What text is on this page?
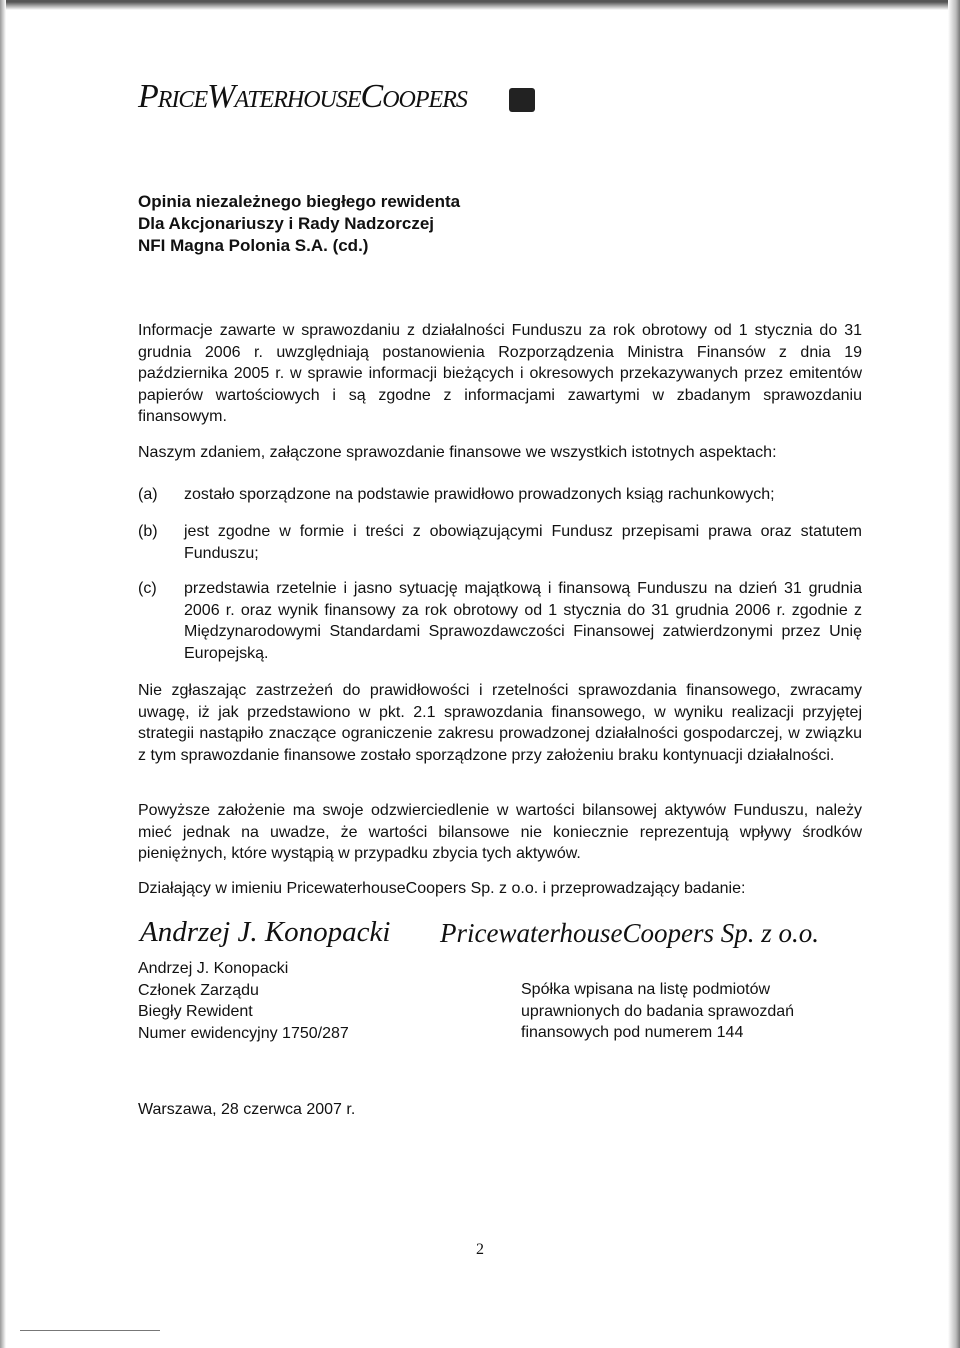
PRICEWATERHOUSECOOPERS
Opinia niezależnego biegłego rewidenta
Dla Akcjonariuszy i Rady Nadzorczej
NFI Magna Polonia S.A. (cd.)
Informacje zawarte w sprawozdaniu z działalności Funduszu za rok obrotowy od 1 stycznia do 31 grudnia 2006 r. uwzględniają postanowienia Rozporządzenia Ministra Finansów z dnia 19 października 2005 r. w sprawie informacji bieżących i okresowych przekazywanych przez emitentów papierów wartościowych i są zgodne z informacjami zawartymi w zbadanym sprawozdaniu finansowym.
Naszym zdaniem, załączone sprawozdanie finansowe we wszystkich istotnych aspektach:
(a) zostało sporządzone na podstawie prawidłowo prowadzonych ksiąg rachunkowych;
(b) jest zgodne w formie i treści z obowiązującymi Fundusz przepisami prawa oraz statutem Funduszu;
(c) przedstawia rzetelnie i jasno sytuację majątkową i finansową Funduszu na dzień 31 grudnia 2006 r. oraz wynik finansowy za rok obrotowy od 1 stycznia do 31 grudnia 2006 r. zgodnie z Międzynarodowymi Standardami Sprawozdawczości Finansowej zatwierdzonymi przez Unię Europejską.
Nie zgłaszając zastrzeżeń do prawidłowości i rzetelności sprawozdania finansowego, zwracamy uwagę, iż jak przedstawiono w pkt. 2.1 sprawozdania finansowego, w wyniku realizacji przyjętej strategii nastąpiło znaczące ograniczenie zakresu prowadzonej działalności gospodarczej, w związku z tym sprawozdanie finansowe zostało sporządzone przy założeniu braku kontynuacji działalności.
Powyższe założenie ma swoje odzwierciedlenie w wartości bilansowej aktywów Funduszu, należy mieć jednak na uwadze, że wartości bilansowe nie koniecznie reprezentują wpływy środków pieniężnych, które wystąpią w przypadku zbycia tych aktywów.
Działający w imieniu PricewaterhouseCoopers Sp. z o.o. i przeprowadzający badanie:
Andrzej J. Konopacki PricewaterhouseCoopers Sp. z o.o.
Andrzej J. Konopacki
Członek Zarządu
Biegły Rewident
Numer ewidencyjny 1750/287
Spółka wpisana na listę podmiotów
uprawnionych do badania sprawozdań
finansowych pod numerem 144
Warszawa, 28 czerwca 2007 r.
2
